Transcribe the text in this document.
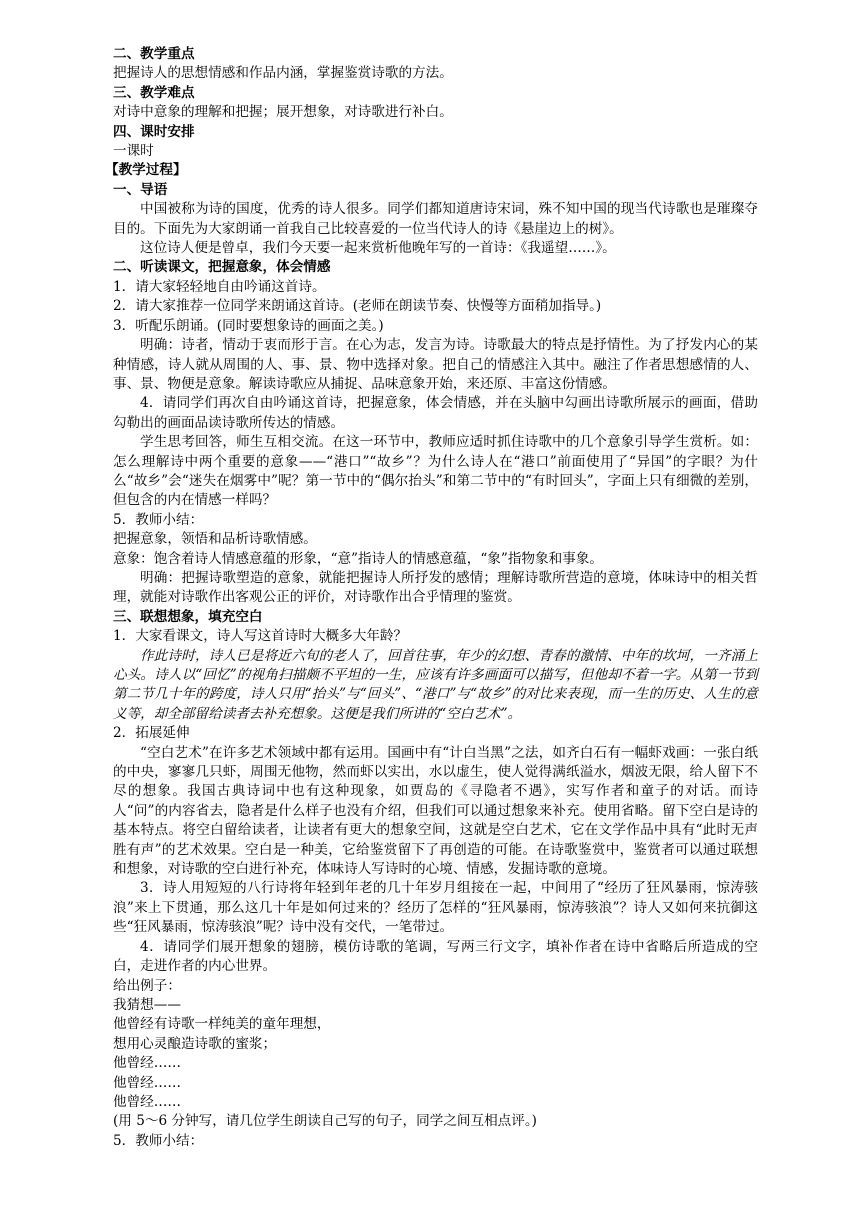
二、教学重点

把握诗人的思想情感和作品内涵，掌握鉴赏诗歌的方法。

三、教学难点

对诗中意象的理解和把握；展开想象，对诗歌进行补白。

四、课时安排

一课时

【教学过程】

一、导语

中国被称为诗的国度，优秀的诗人很多。同学们都知道唐诗宋词，殊不知中国的现当代诗歌也是璀璨夺目的。下面先为大家朗诵一首我自己比较喜爱的一位当代诗人的诗《悬崖边上的树》。

这位诗人便是曾卓，我们今天要一起来赏析他晚年写的一首诗：《我遥望……》。

二、听读课文，把握意象，体会情感

1．请大家轻轻地自由吟诵这首诗。

2．请大家推荐一位同学来朗诵这首诗。(老师在朗读节奏、快慢等方面稍加指导。)

3．听配乐朗诵。(同时要想象诗的画面之美。)

明确：诗者，情动于衷而形于言。在心为志，发言为诗。诗歌最大的特点是抒情性。为了抒发内心的某种情感，诗人就从周围的人、事、景、物中选择对象。把自己的情感注入其中。融注了作者思想感情的人、事、景、物便是意象。解读诗歌应从捕捉、品味意象开始，来还原、丰富这份情感。

4．请同学们再次自由吟诵这首诗，把握意象，体会情感，并在头脑中勾画出诗歌所展示的画面，借助勾勒出的画面品读诗歌所传达的情感。

学生思考回答，师生互相交流。在这一环节中，教师应适时抓住诗歌中的几个意象引导学生赏析。如：怎么理解诗中两个重要的意象——“港口”“故乡”？为什么诗人在“港口”前面使用了“异国”的字眼？为什么“故乡”会“迷失在烟雾中”呢？第一节中的“偶尔抬头”和第二节中的“有时回头”，字面上只有细微的差别，但包含的内在情感一样吗？

5．教师小结：

把握意象，领悟和品析诗歌情感。

意象：饱含着诗人情感意蕴的形象，“意”指诗人的情感意蕴，“象”指物象和事象。

明确：把握诗歌塑造的意象，就能把握诗人所抒发的感情；理解诗歌所营造的意境，体味诗中的相关哲理，就能对诗歌作出客观公正的评价，对诗歌作出合乎情理的鉴赏。

三、联想想象，填充空白

1．大家看课文，诗人写这首诗时大概多大年龄？

作此诗时，诗人已是将近六旬的老人了，回首往事，年少的幻想、青春的激情、中年的坎坷，一齐涌上心头。诗人以“回忆”的视角扫描颇不平坦的一生，应该有许多画面可以描写，但他却不着一字。从第一节到第二节几十年的跨度，诗人只用“抬头”与“回头”、“港口”与“故乡”的对比来表现，而一生的历史、人生的意义等，却全部留给读者去补充想象。这便是我们所讲的“空白艺术”。

2．拓展延伸

“空白艺术”在许多艺术领域中都有运用。国画中有“计白当黑”之法，如齐白石有一幅虾戏画：一张白纸的中央，寥寥几只虾，周围无他物，然而虾以实出，水以虚生，使人觉得满纸溢水，烟波无限，给人留下不尽的想象。我国古典诗词中也有这种现象，如贾岛的《寻隐者不遇》，实写作者和童子的对话。而诗人“问”的内容省去，隐者是什么样子也没有介绍，但我们可以通过想象来补充。使用省略。留下空白是诗的基本特点。将空白留给读者，让读者有更大的想象空间，这就是空白艺术，它在文学作品中具有“此时无声胜有声”的艺术效果。空白是一种美，它给鉴赏留下了再创造的可能。在诗歌鉴赏中，鉴赏者可以通过联想和想象，对诗歌的空白进行补充，体味诗人写诗时的心境、情感，发掘诗歌的意境。

3．诗人用短短的八行诗将年轻到年老的几十年岁月组接在一起，中间用了“经历了狂风暴雨，惊涛骇浪”来上下贯通，那么这几十年是如何过来的？经历了怎样的“狂风暴雨，惊涛骇浪”？诗人又如何来抗御这些“狂风暴雨，惊涛骇浪”呢？诗中没有交代，一笔带过。

4．请同学们展开想象的翅膀，模仿诗歌的笔调，写两三行文字，填补作者在诗中省略后所造成的空白，走进作者的内心世界。

给出例子：

我猜想——

他曾经有诗歌一样纯美的童年理想，

想用心灵酿造诗歌的蜜浆；

他曾经……

他曾经……

他曾经……

(用 5～6 分钟写，请几位学生朗读自己写的句子，同学之间互相点评。)

5．教师小结：
